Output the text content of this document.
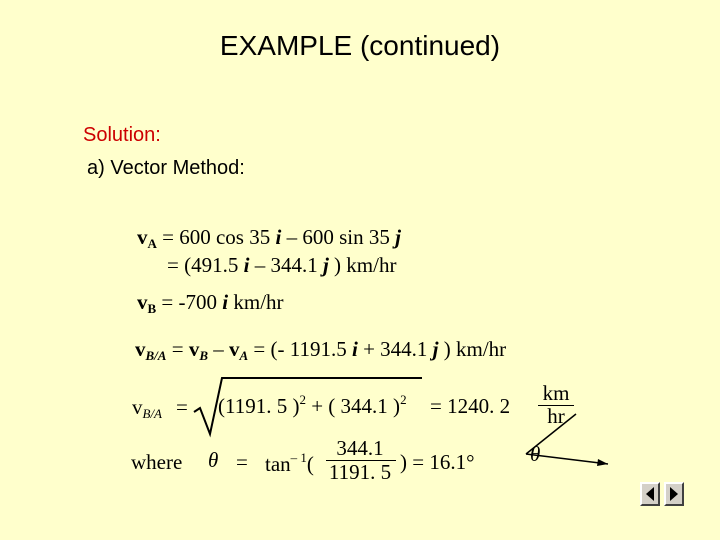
EXAMPLE (continued)
Solution:
a) Vector Method:
$v_A = 600$ cos 35 i – 600 sin 35 j
= (491.5 i – 344.1 j ) km/hr
$v_B = -700$ i km/hr
$v_{B/A} = v_B - v_A$ = (- 1191.5 i + 344.1 j ) km/hr
$v_{B/A} = (1191$. 5 )$^2$ + ( 344.1 )$^2$ = 1240. 2
km
hr
where $\theta = \tan^{- 1}$(
344.1
1191. 5 ) = 16.1°	θ
